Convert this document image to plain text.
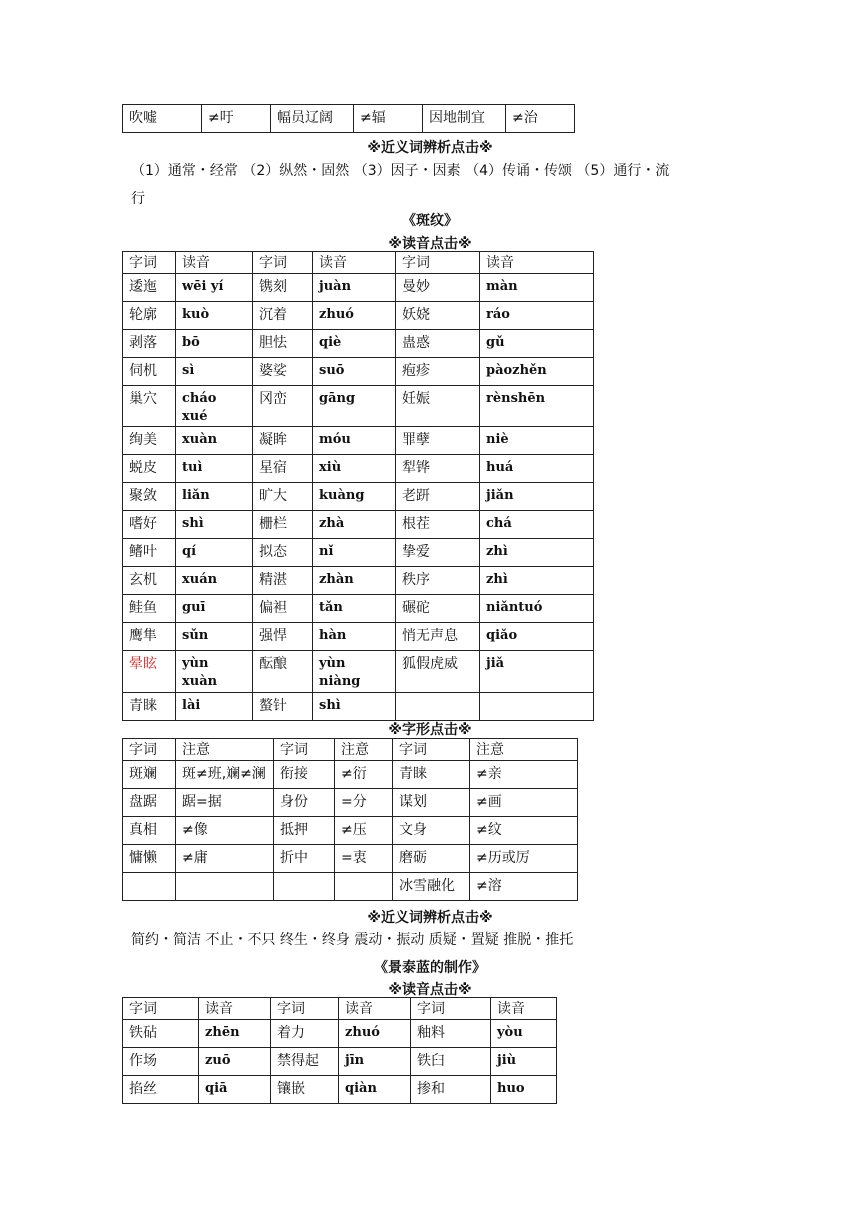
吹嘘	≠吁	幅员辽阔	≠辐	因地制宜	≠治
※近义词辨析点击※
（1）通常・经常 （2）纵然・固然 （3）因子・因素 （4）传诵・传颂 （5）通行・流
行
《斑纹》
※读音点击※
字词	读音	字词	读音	字词	读音
逶迤	wēi yí	镌刻	juàn	曼妙	màn
轮廓	kuò	沉着	zhuó	妖娆	ráo
剥落	bō	胆怯	qiè	蛊惑	gǔ
伺机	sì	婆娑	suō	疱疹	pàozhěn
巢穴	cháo xué	冈峦	gāng	妊娠	rènshēn
绚美	xuàn	凝眸	móu	罪孽	niè
蜕皮	tuì	星宿	xiù	犁铧	huá
聚敛	liǎn	旷大	kuàng	老趼	jiǎn
嗜好	shì	栅栏	zhà	根茬	chá
鳍叶	qí	拟态	nǐ	挚爱	zhì
玄机	xuán	精湛	zhàn	秩序	zhì
鲑鱼	guī	偏袒	tǎn	碾砣	niǎntuó
鹰隼	sǔn	强悍	hàn	悄无声息	qiǎo
晕眩	yùn xuàn	酝酿	yùn niàng	狐假虎威	jiǎ
青睐	lài	螯针	shì		
※字形点击※
字词	注意	字词	注意	字词	注意
斑斓	斑≠班,斓≠澜	衔接	≠衍	青睐	≠亲
盘踞	踞=据	身份	=分	谋划	≠画
真相	≠像	抵押	≠压	文身	≠纹
慵懒	≠庸	折中	=衷	磨砺	≠历或厉
				冰雪融化	≠溶
※近义词辨析点击※
简约・简洁 不止・不只 终生・终身 震动・振动 质疑・置疑 推脱・推托
《景泰蓝的制作》
※读音点击※
字词	读音	字词	读音	字词	读音
铁砧	zhēn	着力	zhuó	釉料	yòu
作场	zuō	禁得起	jīn	铁臼	jiù
掐丝	qiā	镶嵌	qiàn	掺和	huo
